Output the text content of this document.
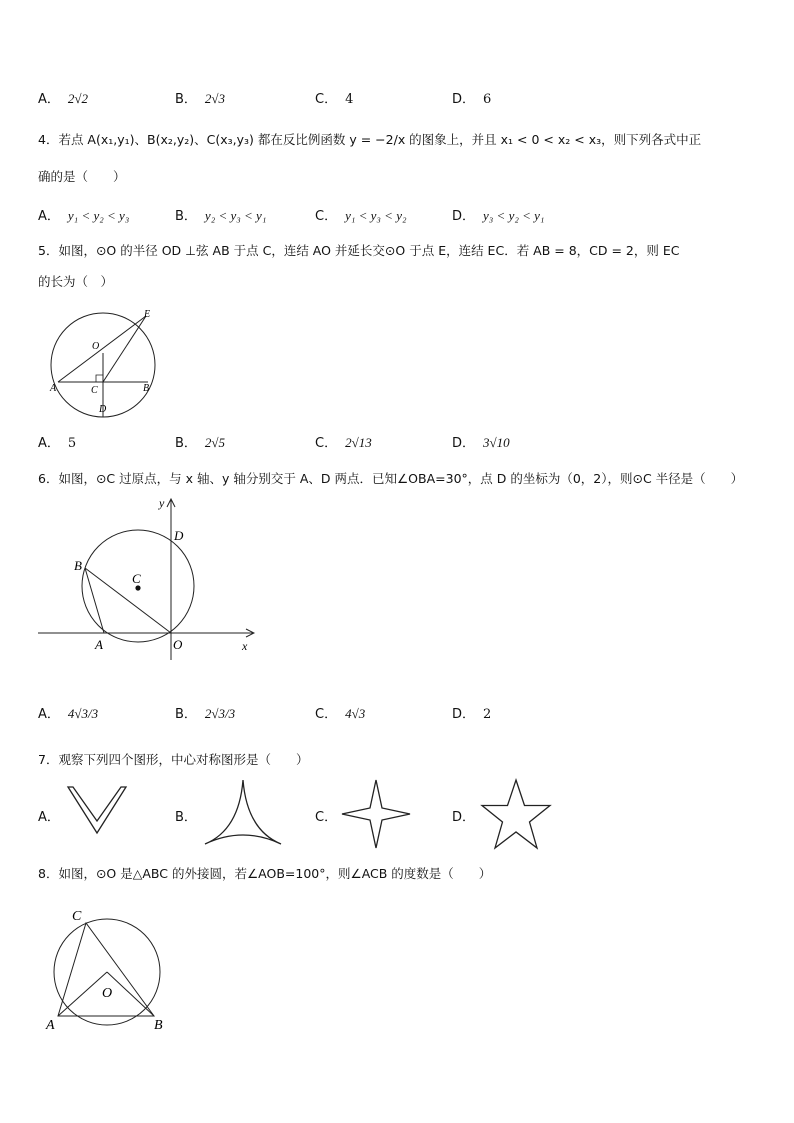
A． 2√2	B． 2√3	C． 4	D． 6
4．若点 A(x₁,y₁)、B(x₂,y₂)、C(x₃,y₃) 都在反比例函数 y = −2/x 的图象上，并且 x₁ < 0 < x₂ < x₃，则下列各式中正
确的是（　　）
A． y₁ < y₂ < y₃	B． y₂ < y₃ < y₁	C． y₁ < y₃ < y₂	D． y₃ < y₂ < y₁
5．如图，⊙O 的半径 OD ⊥弦 AB 于点 C，连结 AO 并延长交⊙O 于点 E，连结 EC．若 AB = 8，CD = 2，则 EC
的长为（　）
E
O
A	C	B
D
A． 5	B． 2√5	C． 2√13	D． 3√10
6．如图，⊙C 过原点，与 x 轴、y 轴分别交于 A、D 两点．已知∠OBA=30°，点 D 的坐标为（0，2），则⊙C 半径是（　　）
y
D
B
C
A	O	x
A． 4√3/3	B． 2√3/3	C． 4√3	D． 2
7．观察下列四个图形，中心对称图形是（　　）
A．	B．	C．	D．
8．如图，⊙O 是△ABC 的外接圆，若∠AOB=100°，则∠ACB 的度数是（　　）
C
O
A	B
